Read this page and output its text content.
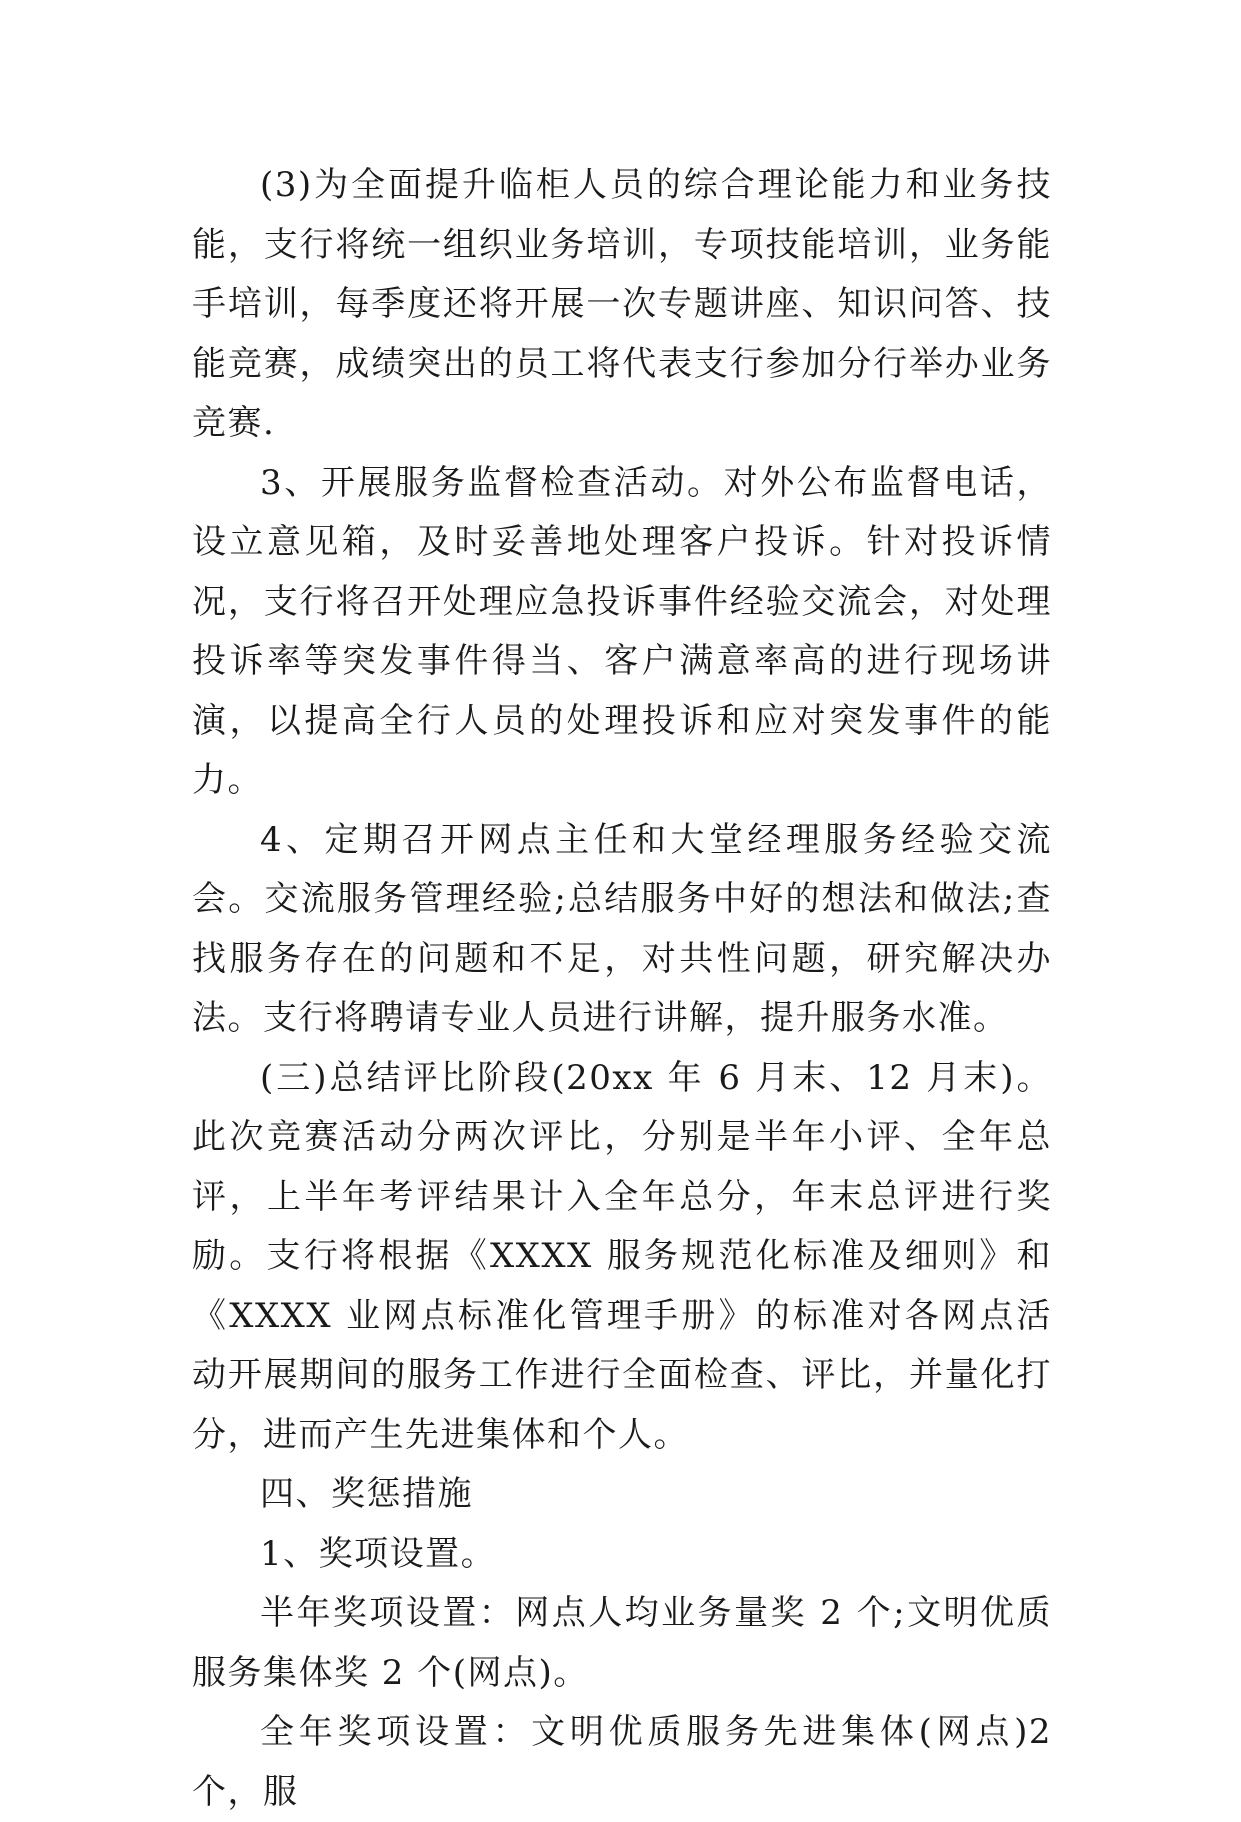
(3)为全面提升临柜人员的综合理论能力和业务技能，支行将统一组织业务培训，专项技能培训，业务能手培训，每季度还将开展一次专题讲座、知识问答、技能竞赛，成绩突出的员工将代表支行参加分行举办业务竞赛.

3、开展服务监督检查活动。对外公布监督电话，设立意见箱，及时妥善地处理客户投诉。针对投诉情况，支行将召开处理应急投诉事件经验交流会，对处理投诉率等突发事件得当、客户满意率高的进行现场讲演，以提高全行人员的处理投诉和应对突发事件的能力。

4、定期召开网点主任和大堂经理服务经验交流会。交流服务管理经验;总结服务中好的想法和做法;查找服务存在的问题和不足，对共性问题，研究解决办法。支行将聘请专业人员进行讲解，提升服务水准。

(三)总结评比阶段(20xx 年 6 月末、12 月末)。此次竞赛活动分两次评比，分别是半年小评、全年总评，上半年考评结果计入全年总分，年末总评进行奖励。支行将根据《XXXX 服务规范化标准及细则》和《XXXX 业网点标准化管理手册》的标准对各网点活动开展期间的服务工作进行全面检查、评比，并量化打分，进而产生先进集体和个人。

四、奖惩措施

1、奖项设置。

半年奖项设置：网点人均业务量奖 2 个;文明优质服务集体奖 2 个(网点)。

全年奖项设置：文明优质服务先进集体(网点)2 个，服
